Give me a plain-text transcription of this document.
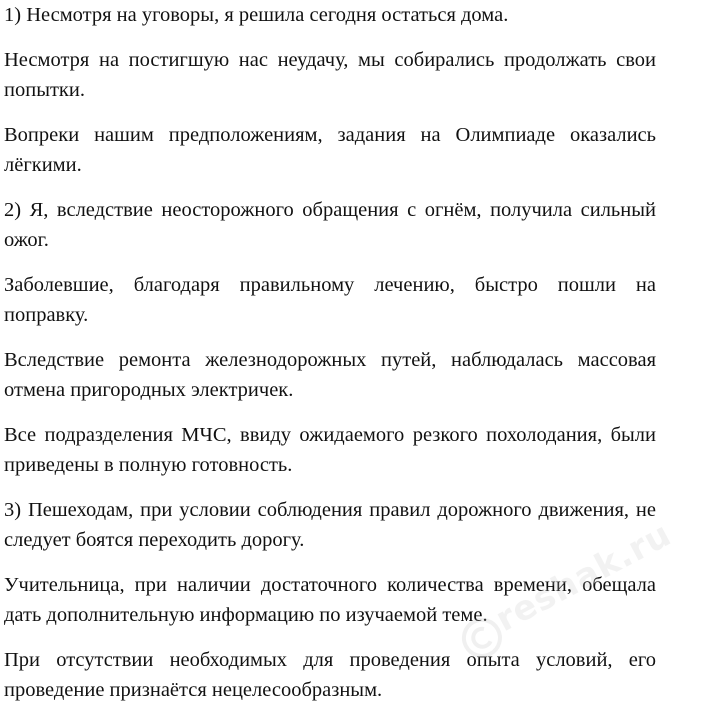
1) Несмотря на уговоры, я решила сегодня остаться дома.

Несмотря на постигшую нас неудачу, мы собирались продолжать свои попытки.

Вопреки нашим предположениям, задания на Олимпиаде оказались лёгкими.

2) Я, вследствие неосторожного обращения с огнём, получила сильный ожог.

Заболевшие, благодаря правильному лечению, быстро пошли на поправку.

Вследствие ремонта железнодорожных путей, наблюдалась массовая отмена пригородных электричек.

Все подразделения МЧС, ввиду ожидаемого резкого похолодания, были приведены в полную готовность.

3) Пешеходам, при условии соблюдения правил дорожного движения, не следует боятся переходить дорогу.

Учительница, при наличии достаточного количества времени, обещала дать дополнительную информацию по изучаемой теме.

При отсутствии необходимых для проведения опыта условий, его проведение признаётся нецелесообразным.

reshak.ru
